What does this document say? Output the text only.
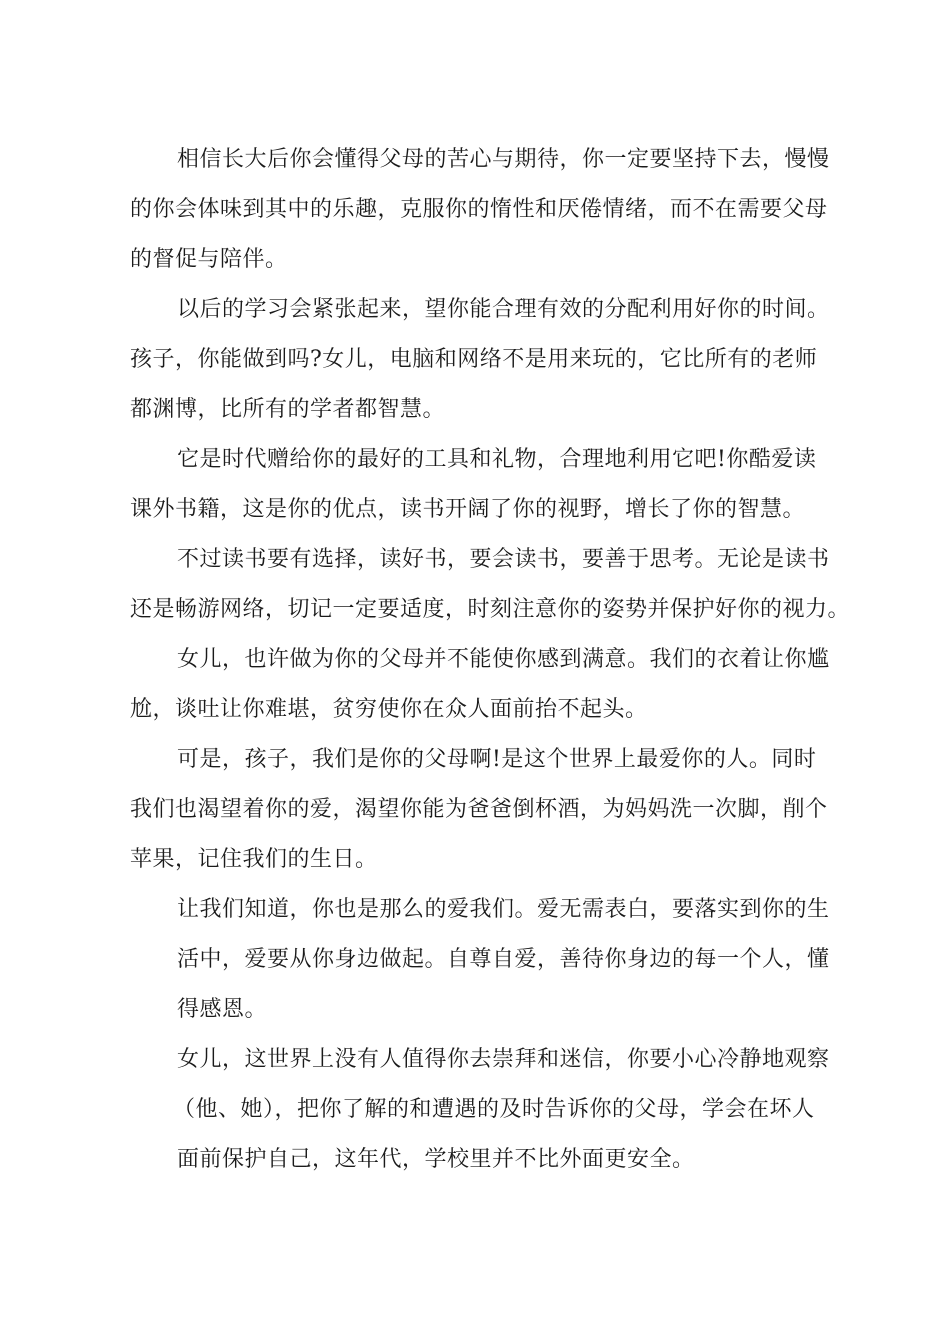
相信长大后你会懂得父母的苦心与期待，你一定要坚持下去，慢慢

的你会体味到其中的乐趣，克服你的惰性和厌倦情绪，而不在需要父母

的督促与陪伴。

以后的学习会紧张起来，望你能合理有效的分配利用好你的时间。

孩子，你能做到吗?女儿，电脑和网络不是用来玩的，它比所有的老师

都渊博，比所有的学者都智慧。

它是时代赠给你的最好的工具和礼物，合理地利用它吧!你酷爱读

课外书籍，这是你的优点，读书开阔了你的视野，增长了你的智慧。

不过读书要有选择，读好书，要会读书，要善于思考。无论是读书

还是畅游网络，切记一定要适度，时刻注意你的姿势并保护好你的视力。

女儿，也许做为你的父母并不能使你感到满意。我们的衣着让你尴

尬，谈吐让你难堪，贫穷使你在众人面前抬不起头。

可是，孩子，我们是你的父母啊!是这个世界上最爱你的人。同时

我们也渴望着你的爱，渴望你能为爸爸倒杯酒，为妈妈洗一次脚，削个

苹果，记住我们的生日。

让我们知道，你也是那么的爱我们。爱无需表白，要落实到你的生

活中，爱要从你身边做起。自尊自爱，善待你身边的每一个人，懂

得感恩。

女儿，这世界上没有人值得你去崇拜和迷信，你要小心冷静地观察

（他、她），把你了解的和遭遇的及时告诉你的父母，学会在坏人

面前保护自己，这年代，学校里并不比外面更安全。
